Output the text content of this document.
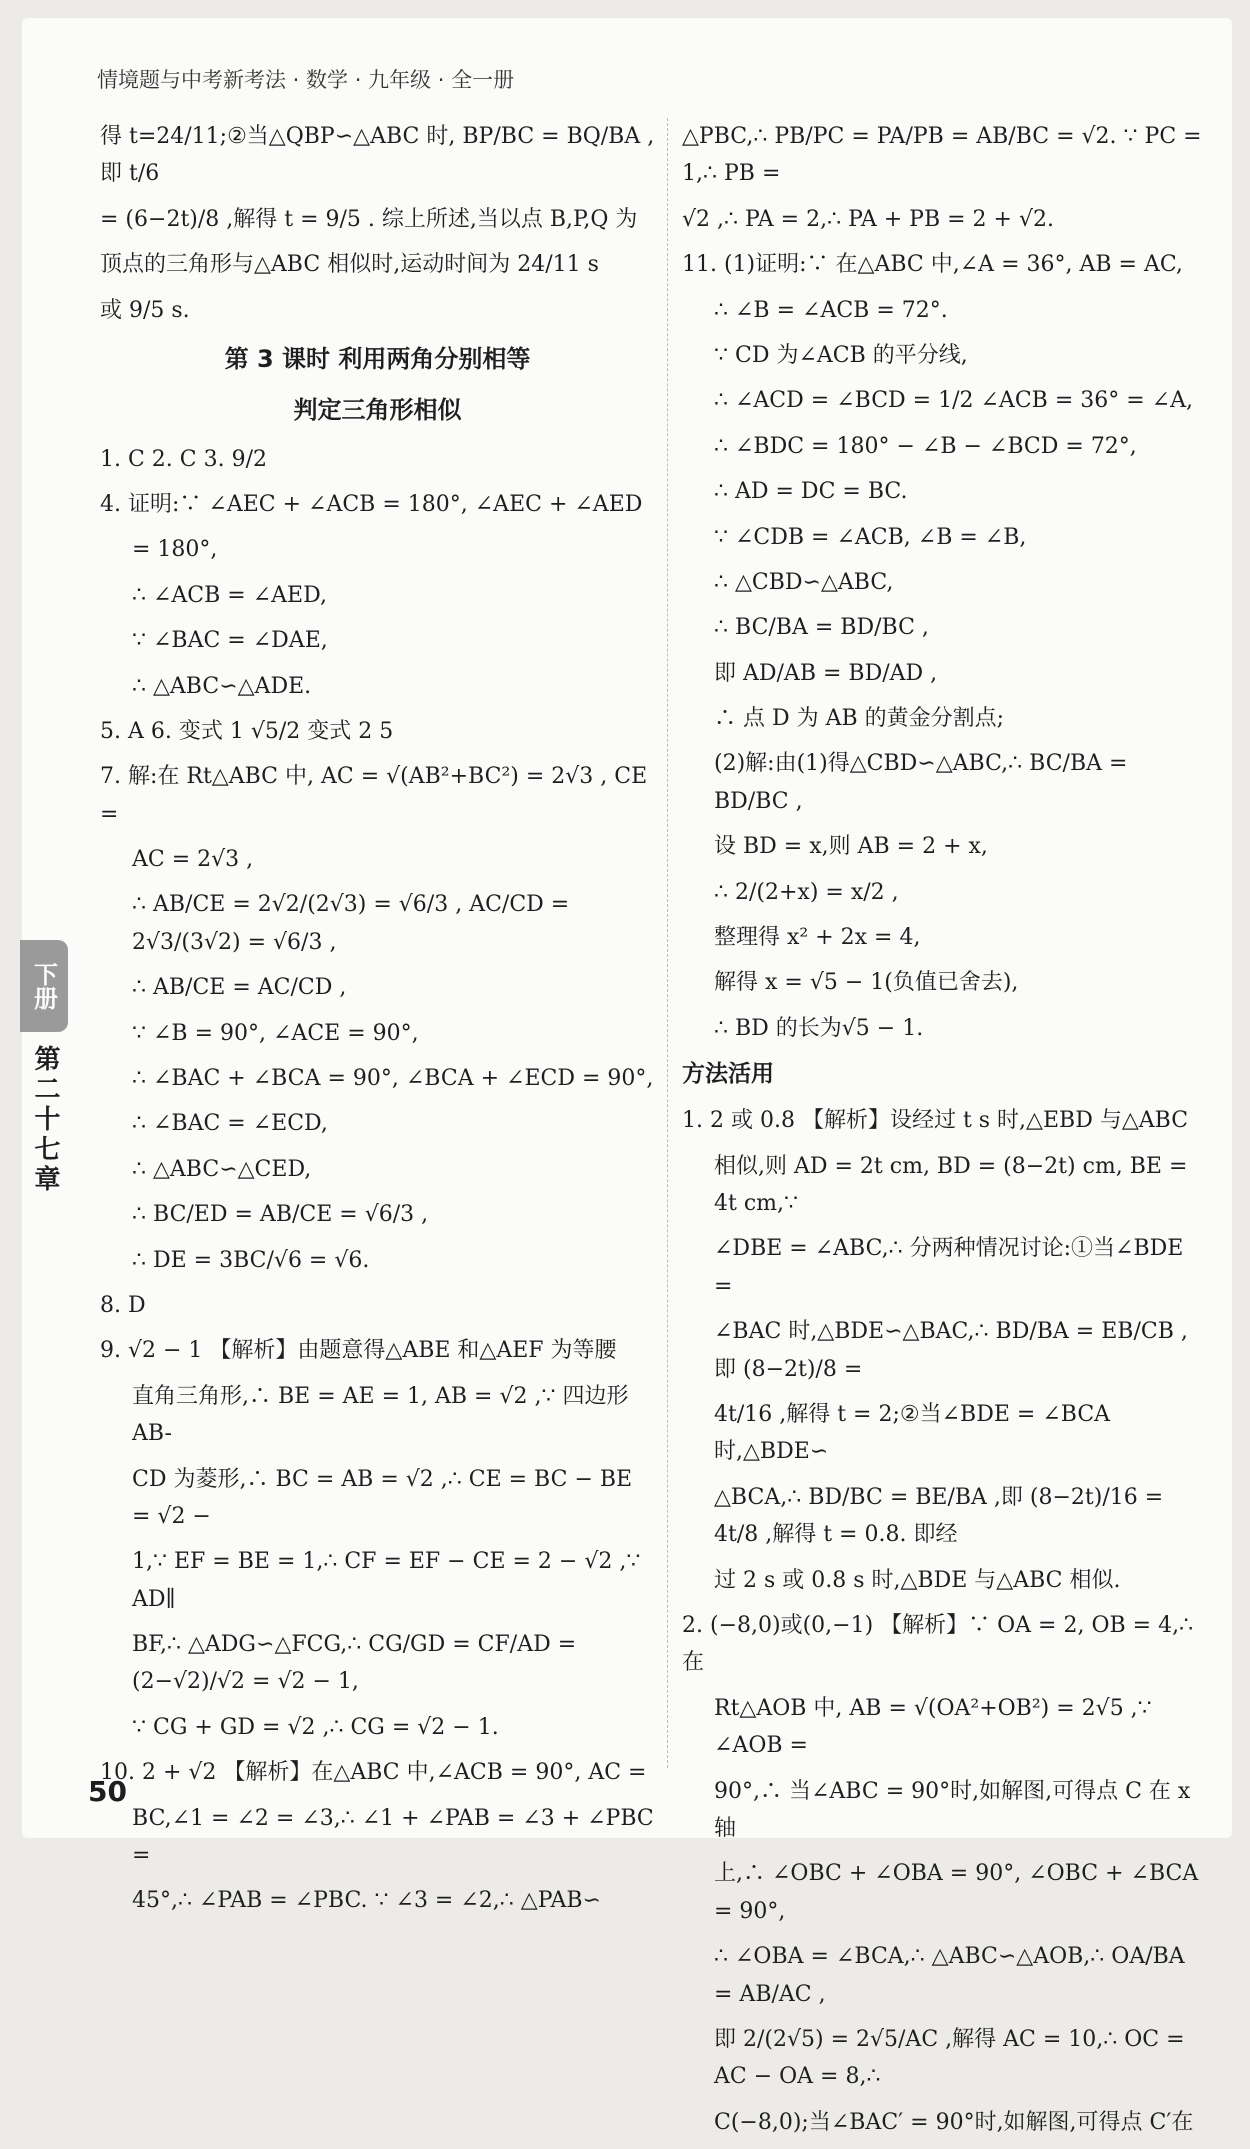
情境题与中考新考法 · 数学 · 九年级 · 全一册

得 t=24/11;②当△QBP∽△ABC 时, BP/BC = BQ/BA ,即 t/6

= (6−2t)/8 ,解得 t = 9/5 . 综上所述,当以点 B,P,Q 为

顶点的三角形与△ABC 相似时,运动时间为 24/11 s

或 9/5 s.

第 3 课时 利用两角分别相等
判定三角形相似

1. C 2. C 3. 9/2

4. 证明:∵ ∠AEC + ∠ACB = 180°, ∠AEC + ∠AED

= 180°,

∴ ∠ACB = ∠AED,

∵ ∠BAC = ∠DAE,

∴ △ABC∽△ADE.

5. A 6. 变式 1 √5/2 变式 2 5

7. 解:在 Rt△ABC 中, AC = √(AB²+BC²) = 2√3 , CE =

AC = 2√3 ,

∴ AB/CE = 2√2/(2√3) = √6/3 , AC/CD = 2√3/(3√2) = √6/3 ,

∴ AB/CE = AC/CD ,

∵ ∠B = 90°, ∠ACE = 90°,

∴ ∠BAC + ∠BCA = 90°, ∠BCA + ∠ECD = 90°,

∴ ∠BAC = ∠ECD,

∴ △ABC∽△CED,

∴ BC/ED = AB/CE = √6/3 ,

∴ DE = 3BC/√6 = √6.

8. D

9. √2 − 1 【解析】由题意得△ABE 和△AEF 为等腰

直角三角形,∴ BE = AE = 1, AB = √2 ,∵ 四边形 AB-

CD 为菱形,∴ BC = AB = √2 ,∴ CE = BC − BE = √2 −

1,∵ EF = BE = 1,∴ CF = EF − CE = 2 − √2 ,∵ AD∥

BF,∴ △ADG∽△FCG,∴ CG/GD = CF/AD = (2−√2)/√2 = √2 − 1,

∵ CG + GD = √2 ,∴ CG = √2 − 1.

10. 2 + √2 【解析】在△ABC 中,∠ACB = 90°, AC =

BC,∠1 = ∠2 = ∠3,∴ ∠1 + ∠PAB = ∠3 + ∠PBC =

45°,∴ ∠PAB = ∠PBC. ∵ ∠3 = ∠2,∴ △PAB∽

△PBC,∴ PB/PC = PA/PB = AB/BC = √2. ∵ PC = 1,∴ PB =

√2 ,∴ PA = 2,∴ PA + PB = 2 + √2.

11. (1)证明:∵ 在△ABC 中,∠A = 36°, AB = AC,

∴ ∠B = ∠ACB = 72°.

∵ CD 为∠ACB 的平分线,

∴ ∠ACD = ∠BCD = 1/2 ∠ACB = 36° = ∠A,

∴ ∠BDC = 180° − ∠B − ∠BCD = 72°,

∴ AD = DC = BC.

∵ ∠CDB = ∠ACB, ∠B = ∠B,

∴ △CBD∽△ABC,

∴ BC/BA = BD/BC ,

即 AD/AB = BD/AD ,

∴ 点 D 为 AB 的黄金分割点;

(2)解:由(1)得△CBD∽△ABC,∴ BC/BA = BD/BC ,

设 BD = x,则 AB = 2 + x,

∴ 2/(2+x) = x/2 ,

整理得 x² + 2x = 4,

解得 x = √5 − 1(负值已舍去),

∴ BD 的长为√5 − 1.

方法活用

1. 2 或 0.8 【解析】设经过 t s 时,△EBD 与△ABC

相似,则 AD = 2t cm, BD = (8−2t) cm, BE = 4t cm,∵

∠DBE = ∠ABC,∴ 分两种情况讨论:①当∠BDE =

∠BAC 时,△BDE∽△BAC,∴ BD/BA = EB/CB ,即 (8−2t)/8 =

4t/16 ,解得 t = 2;②当∠BDE = ∠BCA 时,△BDE∽

△BCA,∴ BD/BC = BE/BA ,即 (8−2t)/16 = 4t/8 ,解得 t = 0.8. 即经

过 2 s 或 0.8 s 时,△BDE 与△ABC 相似.

2. (−8,0)或(0,−1) 【解析】∵ OA = 2, OB = 4,∴ 在

Rt△AOB 中, AB = √(OA²+OB²) = 2√5 ,∵ ∠AOB =

90°,∴ 当∠ABC = 90°时,如解图,可得点 C 在 x 轴

上,∴ ∠OBC + ∠OBA = 90°, ∠OBC + ∠BCA = 90°,

∴ ∠OBA = ∠BCA,∴ △ABC∽△AOB,∴ OA/BA = AB/AC ,

即 2/(2√5) = 2√5/AC ,解得 AC = 10,∴ OC = AC − OA = 8,∴

C(−8,0);当∠BAC′ = 90°时,如解图,可得点 C′在

下册
第二十七章
50
